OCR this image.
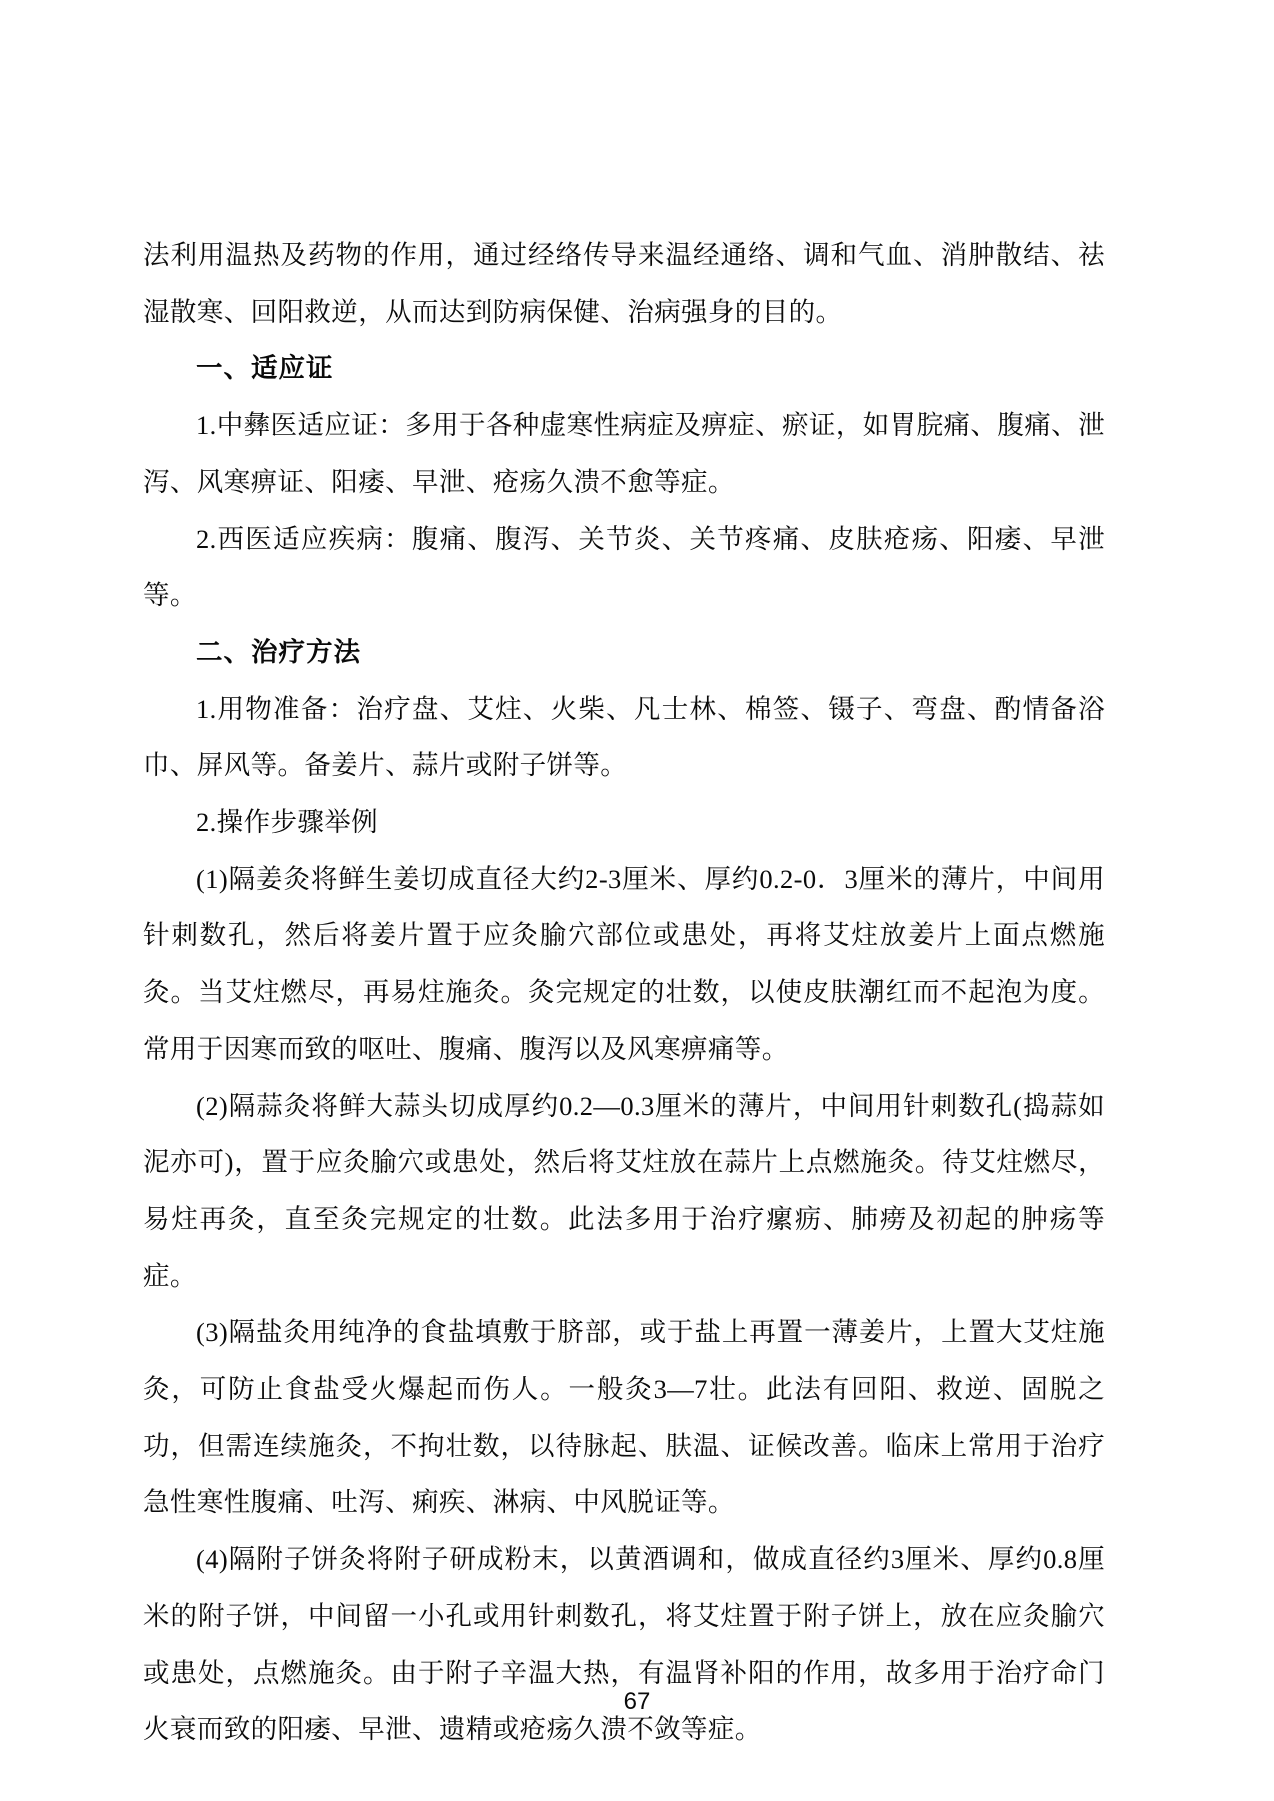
法利用温热及药物的作用，通过经络传导来温经通络、调和气血、消肿散结、祛湿散寒、回阳救逆，从而达到防病保健、治病强身的目的。

一、适应证

1.中彝医适应证：多用于各种虚寒性病症及痹症、瘀证，如胃脘痛、腹痛、泄泻、风寒痹证、阳痿、早泄、疮疡久溃不愈等症。

2.西医适应疾病：腹痛、腹泻、关节炎、关节疼痛、皮肤疮疡、阳痿、早泄等。

二、治疗方法

1.用物准备：治疗盘、艾炷、火柴、凡士林、棉签、镊子、弯盘、酌情备浴巾、屏风等。备姜片、蒜片或附子饼等。

2.操作步骤举例

(1)隔姜灸将鲜生姜切成直径大约2-3厘米、厚约0.2-0．3厘米的薄片，中间用针刺数孔，然后将姜片置于应灸腧穴部位或患处，再将艾炷放姜片上面点燃施灸。当艾炷燃尽，再易炷施灸。灸完规定的壮数，以使皮肤潮红而不起泡为度。常用于因寒而致的呕吐、腹痛、腹泻以及风寒痹痛等。

(2)隔蒜灸将鲜大蒜头切成厚约0.2—0.3厘米的薄片，中间用针刺数孔(捣蒜如泥亦可)，置于应灸腧穴或患处，然后将艾炷放在蒜片上点燃施灸。待艾炷燃尽，易炷再灸，直至灸完规定的壮数。此法多用于治疗瘰疬、肺痨及初起的肿疡等症。

(3)隔盐灸用纯净的食盐填敷于脐部，或于盐上再置一薄姜片，上置大艾炷施灸，可防止食盐受火爆起而伤人。一般灸3—7壮。此法有回阳、救逆、固脱之功，但需连续施灸，不拘壮数，以待脉起、肤温、证候改善。临床上常用于治疗急性寒性腹痛、吐泻、痢疾、淋病、中风脱证等。

(4)隔附子饼灸将附子研成粉末，以黄酒调和，做成直径约3厘米、厚约0.8厘米的附子饼，中间留一小孔或用针刺数孔，将艾炷置于附子饼上，放在应灸腧穴或患处，点燃施灸。由于附子辛温大热，有温肾补阳的作用，故多用于治疗命门火衰而致的阳痿、早泄、遗精或疮疡久溃不敛等症。

67
